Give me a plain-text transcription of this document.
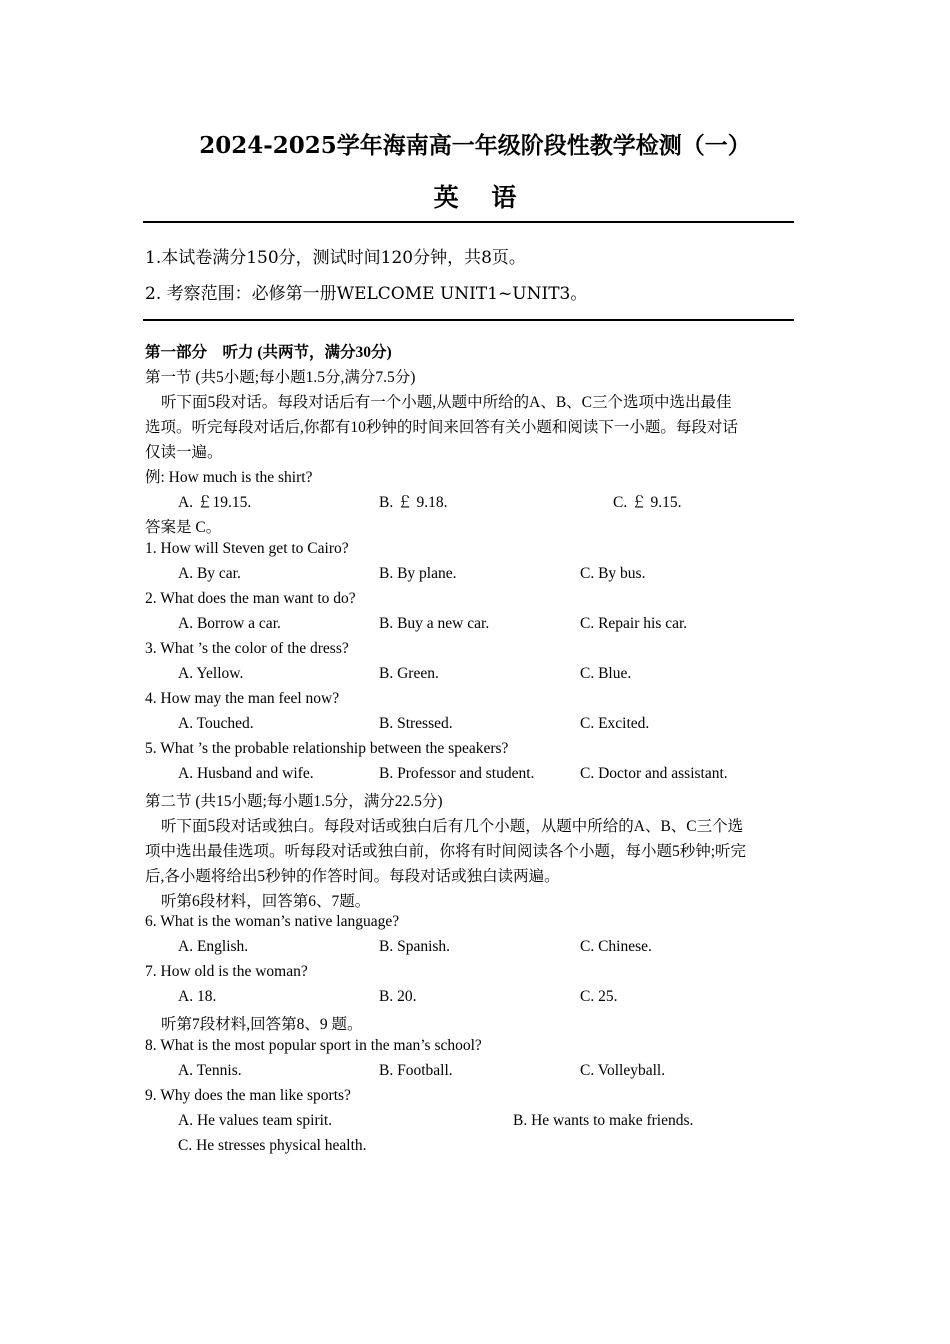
2024-2025学年海南高一年级阶段性教学检测（一）
英 语
1.本试卷满分150分，测试时间120分钟，共8页。
2. 考察范围：必修第一册WELCOME UNIT1~UNIT3。
第一部分　听力 (共两节，满分30分)
第一节 (共5小题;每小题1.5分,满分7.5分)
听下面5段对话。每段对话后有一个小题,从题中所给的A、B、C三个选项中选出最佳
选项。听完每段对话后,你都有10秒钟的时间来回答有关小题和阅读下一小题。每段对话
仅读一遍。
例: How much is the shirt?
A. ￡19.15.	B. ￡ 9.18.	C. ￡ 9.15.
答案是 C。
1. How will Steven get to Cairo?
A. By car.	B. By plane.	C. By bus.
2. What does the man want to do?
A. Borrow a car.	B. Buy a new car.	C. Repair his car.
3. What ’s the color of the dress?
A. Yellow.	B. Green.	C. Blue.
4. How may the man feel now?
A. Touched.	B. Stressed.	C. Excited.
5. What ’s the probable relationship between the speakers?
A. Husband and wife.	B. Professor and student.	C. Doctor and assistant.
第二节 (共15小题;每小题1.5分，满分22.5分)
听下面5段对话或独白。每段对话或独白后有几个小题，从题中所给的A、B、C三个选
项中选出最佳选项。听每段对话或独白前，你将有时间阅读各个小题，每小题5秒钟;听完
后,各小题将给出5秒钟的作答时间。每段对话或独白读两遍。
听第6段材料，回答第6、7题。
6. What is the woman’s native language?
A. English.	B. Spanish.	C. Chinese.
7. How old is the woman?
A. 18.	B. 20.	C. 25.
听第7段材料,回答第8、9 题。
8. What is the most popular sport in the man’s school?
A. Tennis.	B. Football.	C. Volleyball.
9. Why does the man like sports?
A. He values team spirit.	B. He wants to make friends.
C. He stresses physical health.
